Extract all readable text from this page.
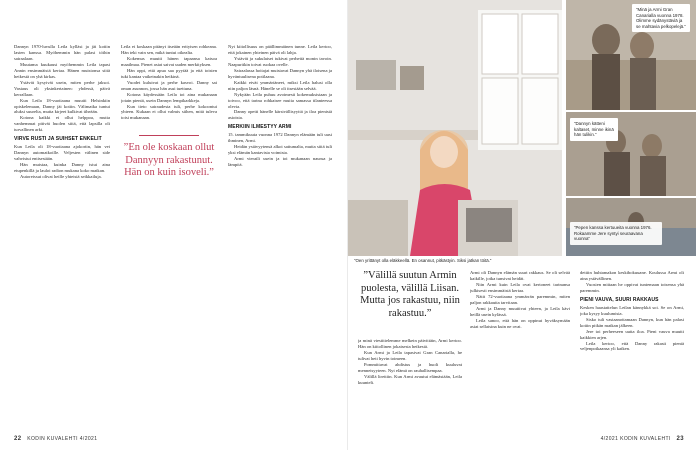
Dannyn 1970-luvulla Leila kylläsi ja jäi kotiin lasten kanssa. Myöhemmin hän palasi töihin sairaalaan.

Muutama kuukausi myöhemmin Leila tapasi Annin ensimmäistä kertaa. Hänen muistonsa siitä hetkestä on yhä kirkas.

Ystävät kysyivät usein, miten perhe jaksoi. Vastaus oli yksinkertainen: yhdessä, päivä kerrallaan.

Kun Leila 18-vuotiaana muutti Helsinkiin opiskelemaan, Danny jäi kotiin. Välimatka tuntui aluksi suurelta, mutta kirjeet kulkivat tiheään.

Kotona kaikki ei ollut helppoa, mutta vanhemmat pitivät huolen siitä, että lapsilla oli turvallinen arki.

VIRVE RUSTI JA SUIHSET ENKELIT

Kun Leila oli 18-vuotiaana ajokortin, hän vei Dannyn automatkoille. Veljesten välinen side vahvistui entisestään.

Hän muistaa, kuinka Danny istui aina etupenkillä ja lauloi radion mukana koko matkan.

Autoreissut olivat heille yhteisiä seikkailuja.

Leila ei koskaan pitänyt itseään erityisen rohkeana. Hän teki vain sen, mikä tuntui oikealta.

Kokemus muutti hänen tapaansa katsoa maailmaa. Pienet asiat saivat uuden merkityksen.

Hän oppi, että apua saa pyytää ja että toisten tuki kantaa vaikeinakin hetkinä.

Vuodet kuluivat ja perhe kasvoi. Danny sai oman asunnon, jossa hän asui tuettuna.

Kotona käydessään Leila toi aina mukanaan jotain pientä, usein Dannyn lempikarkkeja.

Kun tieto sairaudesta tuli, perhe kokoontui yhteen. Kukaan ei ollut valmis siihen, mitä tuleva toisi mukanaan.

”En ole koskaan ollut Dannyyn rakastunut. Hän on kuin isoveli.”

Nyt kiitollisuus on päällimmäinen tunne. Leila kertoo, että jokainen yhteinen päivä oli lahja.

Ystävät ja sukulaiset tukivat perhettä monin tavoin. Naapuritkin toivat ruokaa ovelle.

Sairaalassa hoitajat muistavat Dannyn yhä iloisena ja hyväntuulisena potilaana.

Kaikki eivät ymmärtäneet, miksi Leila halusi olla niin paljon läsnä. Hänelle se oli itsestään selvää.

Nykyään Leila puhuu avoimesti kokemuksistaan ja toivoo, että tarina rohkaisee muita samassa tilanteessa olevia.

Danny opetti hänelle kärsivällisyyttä ja iloa pienistä asioista.

MERKIIN ILMESTYY ARMI

15. tammikuuta vuonna 1972 Dannyn elämään tuli uusi ihminen, Armi.

Heidän ystävyytensä alkoi sattumalta, mutta siitä tuli yksi elämän kantavista voimista.

Armi vieraili usein ja toi mukanaan naurua ja lämpöä.

22 KODIN KUVALEHTI 4/2021
”Oen yrittänyt olla eläkkeellä. En osannut, pitkästyin. Siksi jatkan töitä.”
”Minä ja Armi Gran Canarialla vuonna 1978. Olimme sydänystäviä ja se mahtavia pelkopelejä.”
”Dannyn kätteni kaltaset, minne ikinä hän tulikin.”
”Pepen kanssa kertuueita vuonna 1976. Rokaamme Jere syntyi seuraavana vuonna”
”Välillä suutun Armin puolesta, välillä Liisan. Mutta jos rakastuu, niin rakastuu.”

ja minä viestittelemme melkein päivittäin, Armi kertoo. Hän on kiitollinen jokaisesta hetkestä.

Kun Armi ja Leila tapasivat Gran Canarialla, he tulivat heti hyvin toimeen.

Pommittavat ahdistus ja huoli kuuluvat menneisyyteen. Nyt elämä on rauhallisempaa.

Välillä lirettiin. Kun Armi avautui elämästään, Leila kuunteli.

Armi oli Dannyn elämän suuri rakkaus. Se oli selvää kaikille, jotka tunsivat heidät.

Niin Armi kuin Leila ovat kertoneet tarinansa julkisesti ensimmäistä kertaa.

Nätit 72-vuotiaana ymmärrän paremmin, miten paljon rakkautta tarvitaan.

Armi ja Danny muuttivat yhteen, ja Leila kävi heillä usein kylässä.

Leila sanoo, että hän on oppinut hyväksymään asiat sellaisina kuin ne ovat.

dettiin huhtamakon keskibokuuane. Koulussa Armi oli aina ystävällinen.

Vuosien mittaan he oppivat tuntemaan toisensa yhä paremmin.

PIENI VAUVA, SUURI RAKKAUS

Kesken haastattelun Leilan kännykkä soi. Se on Armi, joka kysyy kuulumisia.

Sisko tuli vastaanottamaan Dannyn, kun hän palasi kotiin pitkän matkan jälkeen.

Jere toi perheeseen uutta iloa. Pieni vauva muutti kaikkien arjen.

Leila kertoo, että Danny rakasti pientä veljenpoikaansa yli kaiken.

4/2021 KODIN KUVALEHTI 23
